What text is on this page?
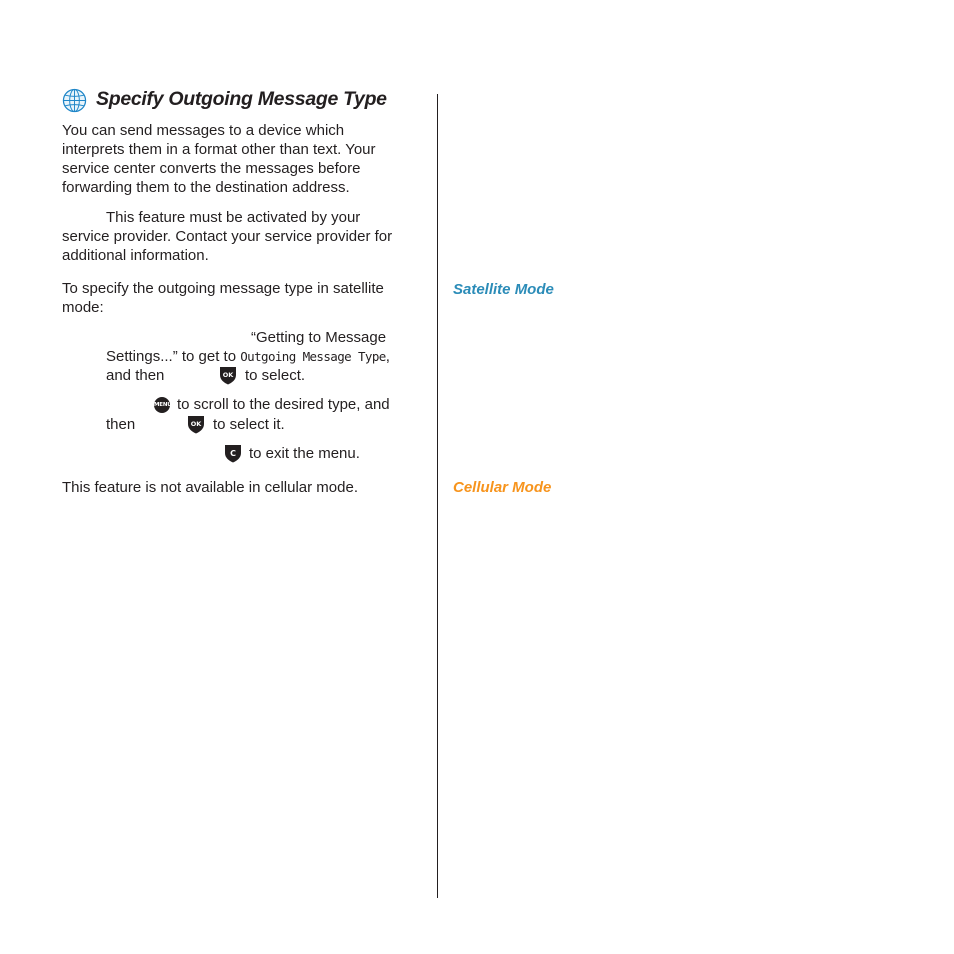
Specify Outgoing Message Type
You can send messages to a device which
interprets them in a format other than text. Your
service center converts the messages before
forwarding them to the destination address.
This feature must be activated by your
service provider. Contact your service provider for
additional information.
To specify the outgoing message type in satellite
mode:
“Getting to Message
Settings...” to get to Outgoing Message Type,
and then	OK to select.
MENU to scroll to the desired type, and
then	OK to select it.
C to exit the menu.
This feature is not available in cellular mode.
Satellite Mode
Cellular Mode
